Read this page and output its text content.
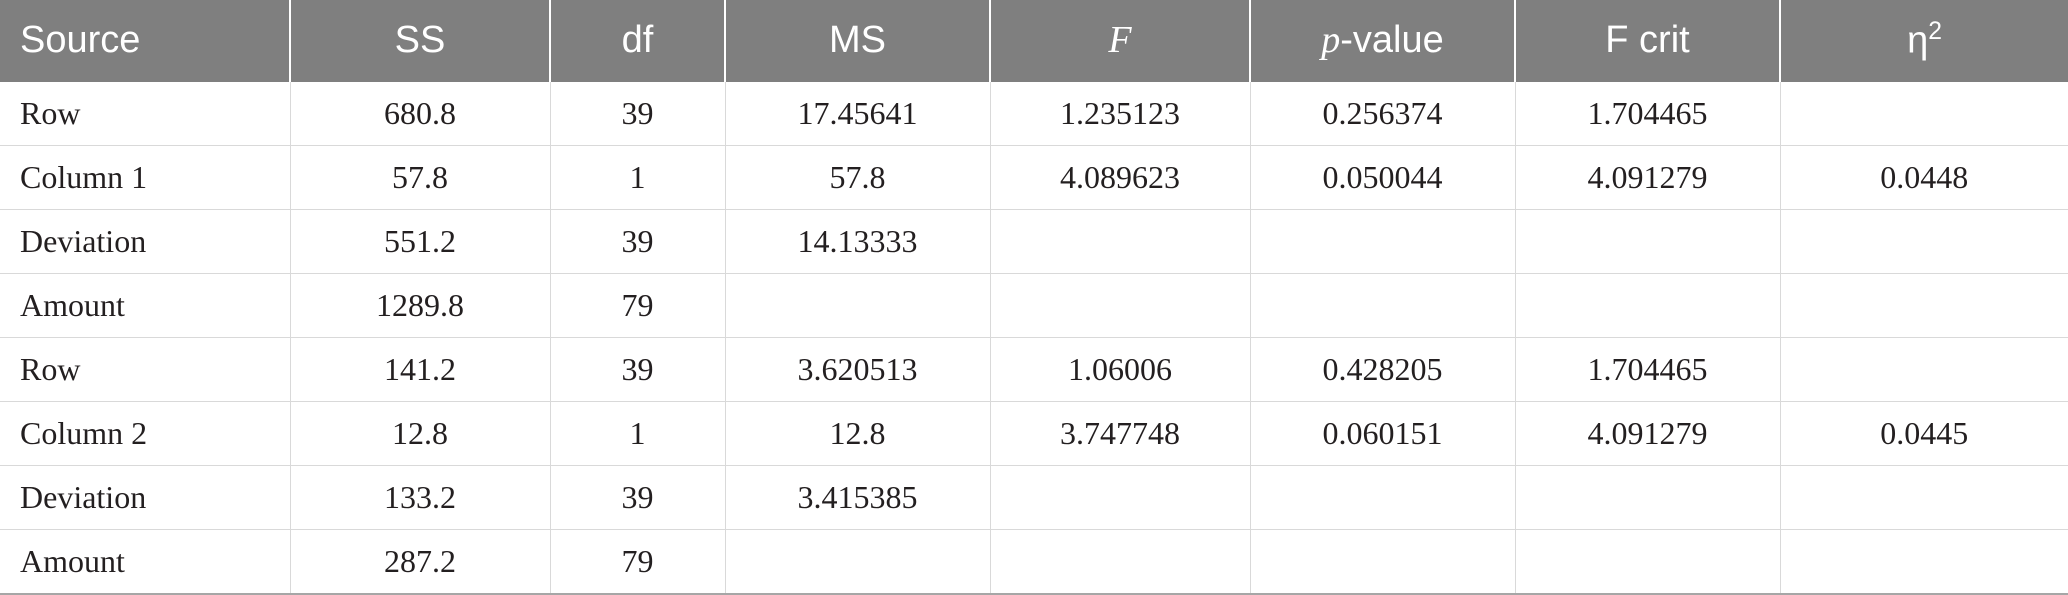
Source	SS	df	MS	F	p-value	F crit	$\eta^2$
Row	680.8	39	17.45641	1.235123	0.256374	1.704465	
Column 1	57.8	1	57.8	4.089623	0.050044	4.091279	0.0448
Deviation	551.2	39	14.13333				
Amount	1289.8	79					
Row	141.2	39	3.620513	1.06006	0.428205	1.704465	
Column 2	12.8	1	12.8	3.747748	0.060151	4.091279	0.0445
Deviation	133.2	39	3.415385				
Amount	287.2	79					
